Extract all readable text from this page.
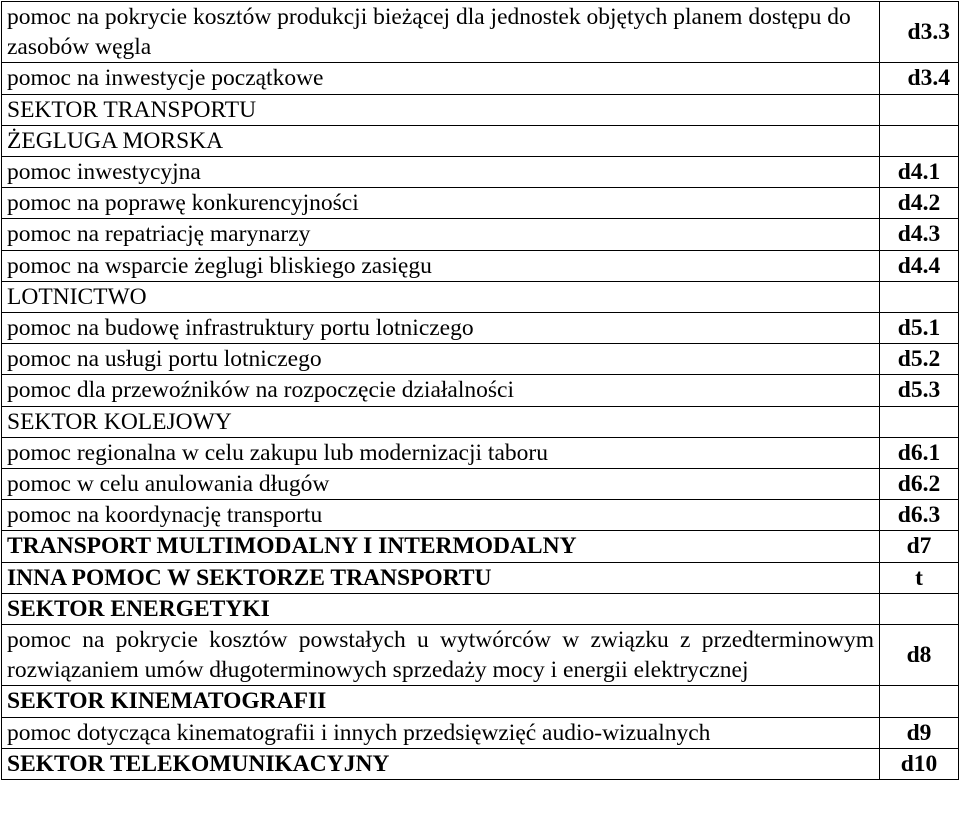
pomoc na pokrycie kosztów produkcji bieżącej dla jednostek objętych planem dostępu do zasobów węgla	d3.3
pomoc na inwestycje początkowe	d3.4
SEKTOR TRANSPORTU	
ŻEGLUGA MORSKA	
pomoc inwestycyjna	d4.1
pomoc na poprawę konkurencyjności	d4.2
pomoc na repatriację marynarzy	d4.3
pomoc na wsparcie żeglugi bliskiego zasięgu	d4.4
LOTNICTWO	
pomoc na budowę infrastruktury portu lotniczego	d5.1
pomoc na usługi portu lotniczego	d5.2
pomoc dla przewoźników na rozpoczęcie działalności	d5.3
SEKTOR KOLEJOWY	
pomoc regionalna w celu zakupu lub modernizacji taboru	d6.1
pomoc w celu anulowania długów	d6.2
pomoc na koordynację transportu	d6.3
TRANSPORT MULTIMODALNY I INTERMODALNY	d7
INNA POMOC W SEKTORZE TRANSPORTU	t
SEKTOR ENERGETYKI	
pomoc na pokrycie kosztów powstałych u wytwórców w związku z przedterminowym rozwiązaniem umów długoterminowych sprzedaży mocy i energii elektrycznej	d8
SEKTOR KINEMATOGRAFII	
pomoc dotycząca kinematografii i innych przedsięwzięć audio-wizualnych	d9
SEKTOR TELEKOMUNIKACYJNY	d10
